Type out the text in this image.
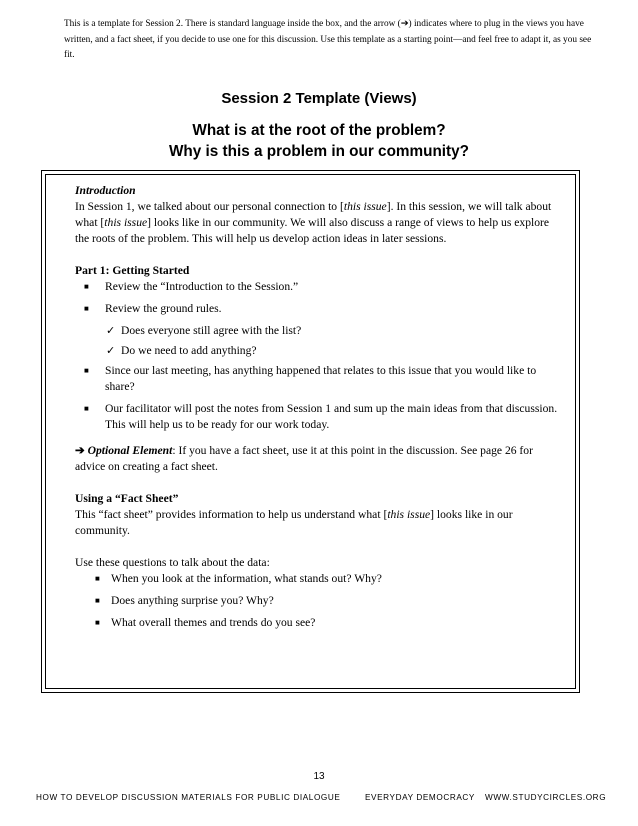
This is a template for Session 2. There is standard language inside the box, and the arrow (➔) indicates where to plug in the views you have written, and a fact sheet, if you decide to use one for this discussion. Use this template as a starting point—and feel free to adapt it, as you see fit.
Session 2 Template (Views)
What is at the root of the problem?
Why is this a problem in our community?

Introduction

In Session 1, we talked about our personal connection to [this issue]. In this session, we will talk about what [this issue] looks like in our community. We will also discuss a range of views to help us explore the roots of the problem. This will help us develop action ideas in later sessions.

Part 1: Getting Started

■ Review the “Introduction to the Session.”
■ Review the ground rules.
✓ Does everyone still agree with the list?
✓ Do we need to add anything?
■ Since our last meeting, has anything happened that relates to this issue that you would like to share?
■ Our facilitator will post the notes from Session 1 and sum up the main ideas from that discussion. This will help us to be ready for our work today.

➔ Optional Element: If you have a fact sheet, use it at this point in the discussion. See page 26 for advice on creating a fact sheet.

Using a “Fact Sheet”

This “fact sheet” provides information to help us understand what [this issue] looks like in our community.

Use these questions to talk about the data:

■ When you look at the information, what stands out? Why?
■ Does anything surprise you? Why?
■ What overall themes and trends do you see?
13
HOW TO DEVELOP DISCUSSION MATERIALS FOR PUBLIC DIALOGUE	EVERYDAY DEMOCRACY WWW.STUDYCIRCLES.ORG
